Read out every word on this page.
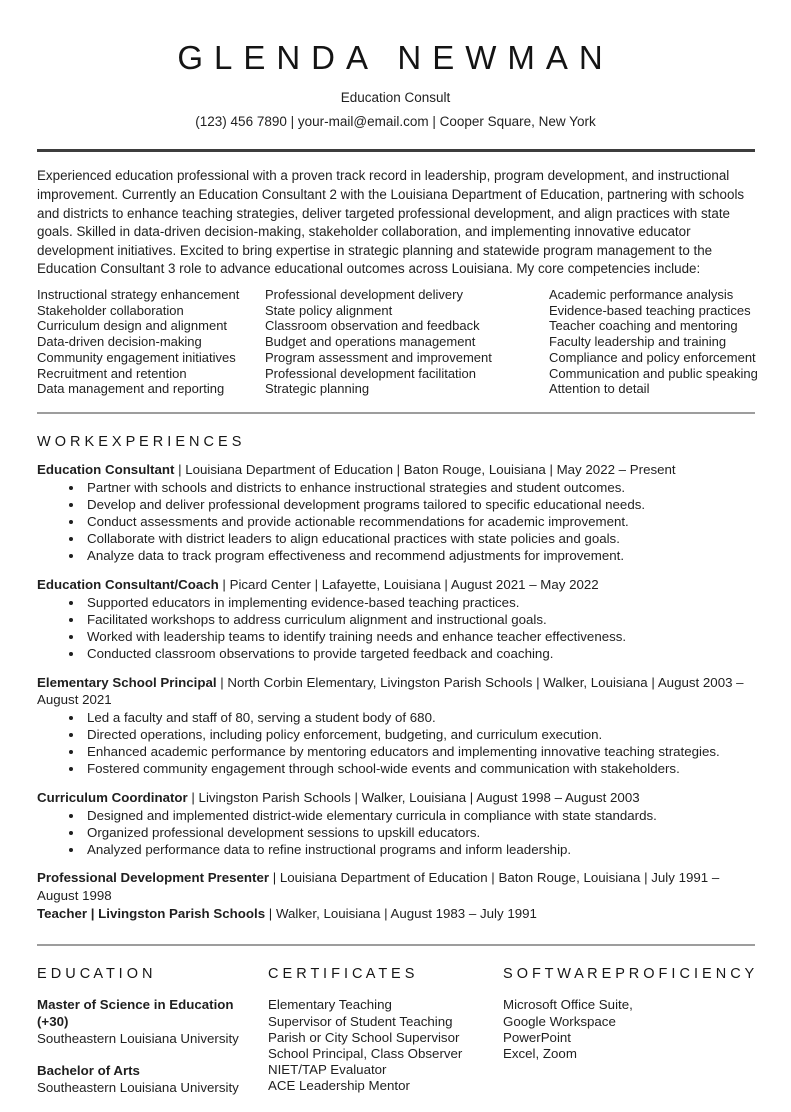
GLENDA NEWMAN
Education Consult
(123) 456 7890 | your-mail@email.com | Cooper Square, New York

Experienced education professional with a proven track record in leadership, program development, and instructional improvement. Currently an Education Consultant 2 with the Louisiana Department of Education, partnering with schools and districts to enhance teaching strategies, deliver targeted professional development, and align practices with state goals. Skilled in data-driven decision-making, stakeholder collaboration, and implementing innovative educator development initiatives. Excited to bring expertise in strategic planning and statewide program management to the Education Consultant 3 role to advance educational outcomes across Louisiana. My core competencies include:

Instructional strategy enhancement
Stakeholder collaboration
Curriculum design and alignment
Data-driven decision-making
Community engagement initiatives
Recruitment and retention
Data management and reporting
Professional development delivery
State policy alignment
Classroom observation and feedback
Budget and operations management
Program assessment and improvement
Professional development facilitation
Strategic planning
Academic performance analysis
Evidence-based teaching practices
Teacher coaching and mentoring
Faculty leadership and training
Compliance and policy enforcement
Communication and public speaking
Attention to detail
W O R K E X P E R I E N C E S
Education Consultant | Louisiana Department of Education | Baton Rouge, Louisiana | May 2022 – Present
• Partner with schools and districts to enhance instructional strategies and student outcomes.
• Develop and deliver professional development programs tailored to specific educational needs.
• Conduct assessments and provide actionable recommendations for academic improvement.
• Collaborate with district leaders to align educational practices with state policies and goals.
• Analyze data to track program effectiveness and recommend adjustments for improvement.
Education Consultant/Coach | Picard Center | Lafayette, Louisiana | August 2021 – May 2022
• Supported educators in implementing evidence-based teaching practices.
• Facilitated workshops to address curriculum alignment and instructional goals.
• Worked with leadership teams to identify training needs and enhance teacher effectiveness.
• Conducted classroom observations to provide targeted feedback and coaching.
Elementary School Principal | North Corbin Elementary, Livingston Parish Schools | Walker, Louisiana | August 2003 – August 2021
• Led a faculty and staff of 80, serving a student body of 680.
• Directed operations, including policy enforcement, budgeting, and curriculum execution.
• Enhanced academic performance by mentoring educators and implementing innovative teaching strategies.
• Fostered community engagement through school-wide events and communication with stakeholders.
Curriculum Coordinator | Livingston Parish Schools | Walker, Louisiana | August 1998 – August 2003
• Designed and implemented district-wide elementary curricula in compliance with state standards.
• Organized professional development sessions to upskill educators.
• Analyzed performance data to refine instructional programs and inform leadership.
Professional Development Presenter | Louisiana Department of Education | Baton Rouge, Louisiana | July 1991 – August 1998
Teacher | Livingston Parish Schools | Walker, Louisiana | August 1983 – July 1991
E D U C A T I O N
Master of Science in Education (+30)
Southeastern Louisiana University
Bachelor of Arts
Southeastern Louisiana University
C E R T I F I C A T E S
Elementary Teaching
Supervisor of Student Teaching
Parish or City School Supervisor
School Principal, Class Observer
NIET/TAP Evaluator
ACE Leadership Mentor
S O F T W A R E P R O F I C I E N C Y
Microsoft Office Suite,
Google Workspace
PowerPoint
Excel, Zoom
